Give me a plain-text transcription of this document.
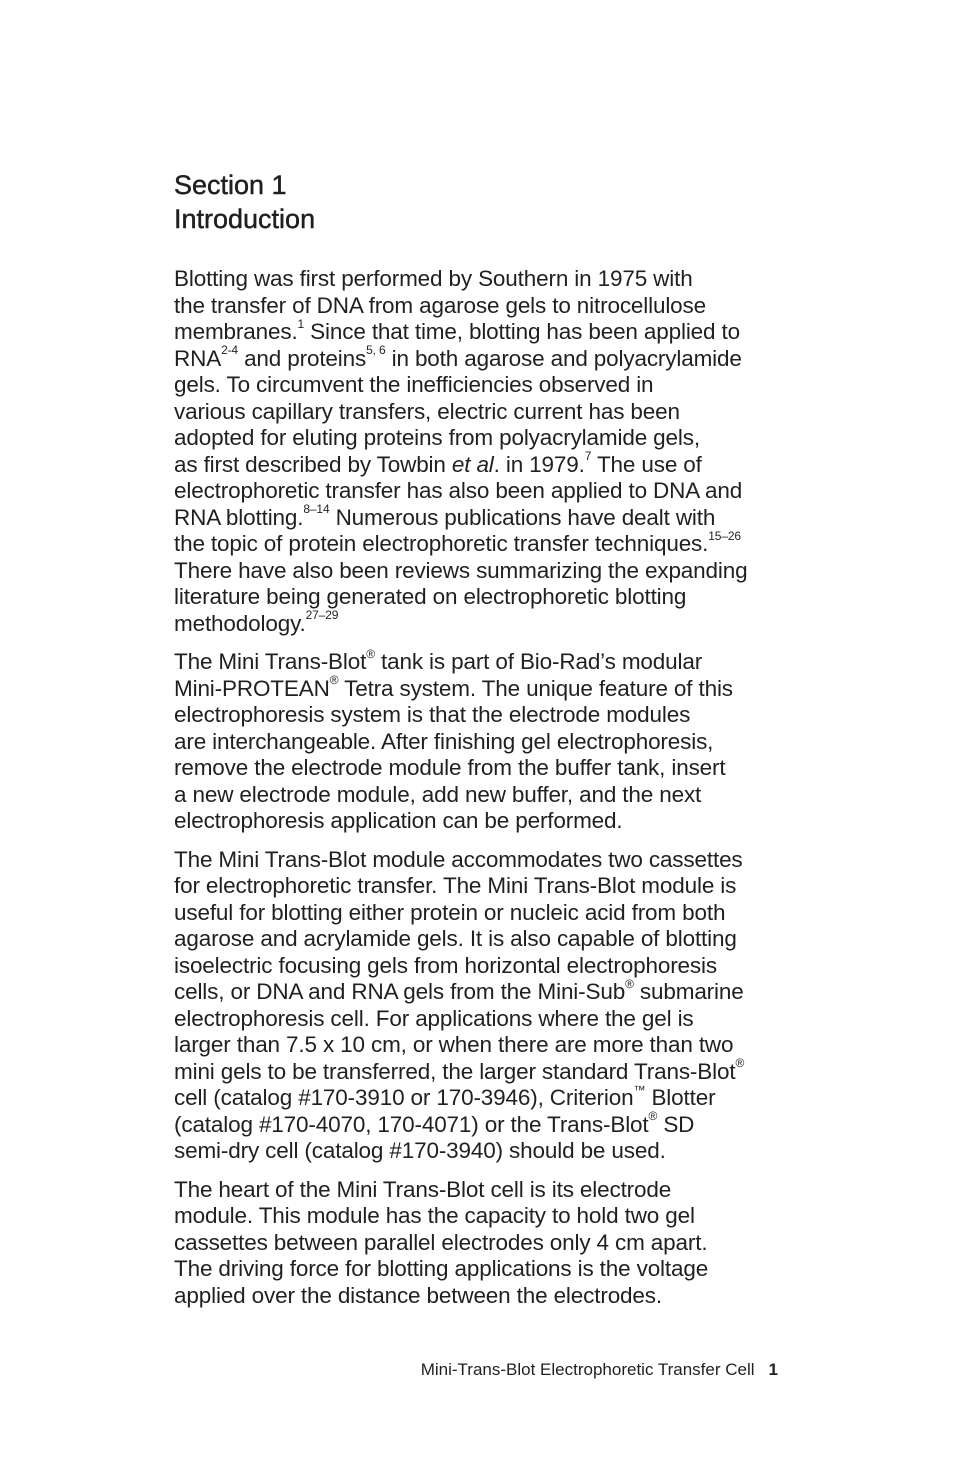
Section 1
Introduction

Blotting was first performed by Southern in 1975 with
the transfer of DNA from agarose gels to nitrocellulose
membranes.$^1$ Since that time, blotting has been applied to
RNA$^{2-4}$ and proteins$^{5, 6}$ in both agarose and polyacrylamide
gels. To circumvent the inefficiencies observed in
various capillary transfers, electric current has been
adopted for eluting proteins from polyacrylamide gels,
as first described by Towbin et al. in 1979.$^7$ The use of
electrophoretic transfer has also been applied to DNA and
RNA blotting.$^{8-14}$ Numerous publications have dealt with
the topic of protein electrophoretic transfer techniques.$^{15-26}$
There have also been reviews summarizing the expanding
literature being generated on electrophoretic blotting
methodology.$^{27-29}$

The Mini Trans-Blot® tank is part of Bio-Rad’s modular
Mini-PROTEAN® Tetra system. The unique feature of this
electrophoresis system is that the electrode modules
are interchangeable. After finishing gel electrophoresis,
remove the electrode module from the buffer tank, insert
a new electrode module, add new buffer, and the next
electrophoresis application can be performed.

The Mini Trans-Blot module accommodates two cassettes
for electrophoretic transfer. The Mini Trans-Blot module is
useful for blotting either protein or nucleic acid from both
agarose and acrylamide gels. It is also capable of blotting
isoelectric focusing gels from horizontal electrophoresis
cells, or DNA and RNA gels from the Mini-Sub® submarine
electrophoresis cell. For applications where the gel is
larger than 7.5 x 10 cm, or when there are more than two
mini gels to be transferred, the larger standard Trans-Blot®
cell (catalog #170-3910 or 170-3946), Criterion™ Blotter
(catalog #170-4070, 170-4071) or the Trans-Blot® SD
semi-dry cell (catalog #170-3940) should be used.

The heart of the Mini Trans-Blot cell is its electrode
module. This module has the capacity to hold two gel
cassettes between parallel electrodes only 4 cm apart.
The driving force for blotting applications is the voltage
applied over the distance between the electrodes.

Mini-Trans-Blot Electrophoretic Transfer Cell 1
